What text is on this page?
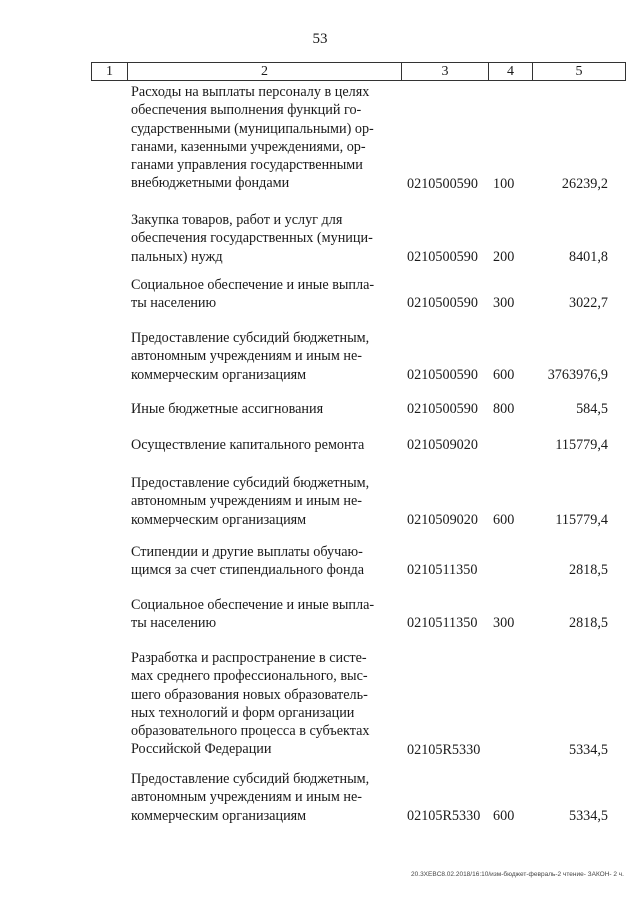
53
1	2	3	4	5
Расходы на выплаты персоналу в целях
обеспечения выполнения функций го-
сударственными (муниципальными) ор-
ганами, казенными учреждениями, ор-
ганами управления государственными
внебюджетными фондами	0210500590 100	26239,2
Закупка товаров, работ и услуг для
обеспечения государственных (муници-
пальных) нужд	0210500590 200	8401,8
Социальное обеспечение и иные выпла-
ты населению	0210500590 300	3022,7
Предоставление субсидий бюджетным,
автономным учреждениям и иным не-
коммерческим организациям	0210500590 600 3763976,9
Иные бюджетные ассигнования	0210500590 800	584,5
Осуществление капитального ремонта	0210509020	115779,4
Предоставление субсидий бюджетным,
автономным учреждениям и иным не-
коммерческим организациям	0210509020 600	115779,4
Стипендии и другие выплаты обучаю-
щимся за счет стипендиального фонда	0210511350	2818,5
Социальное обеспечение и иные выпла-
ты населению	0210511350 300	2818,5
Разработка и распространение в систе-
мах среднего профессионального, выс-
шего образования новых образователь-
ных технологий и форм организации
образовательного процесса в субъектах
Российской Федерации	02105R5330	5334,5
Предоставление субсидий бюджетным,
автономным учреждениям и иным не-
коммерческим организациям	02105R5330 600	5334,5
20.3XEBC8.02.2018/16:10/изм-бюджет-февраль-2 чтение- ЗАКОН- 2 ч.
